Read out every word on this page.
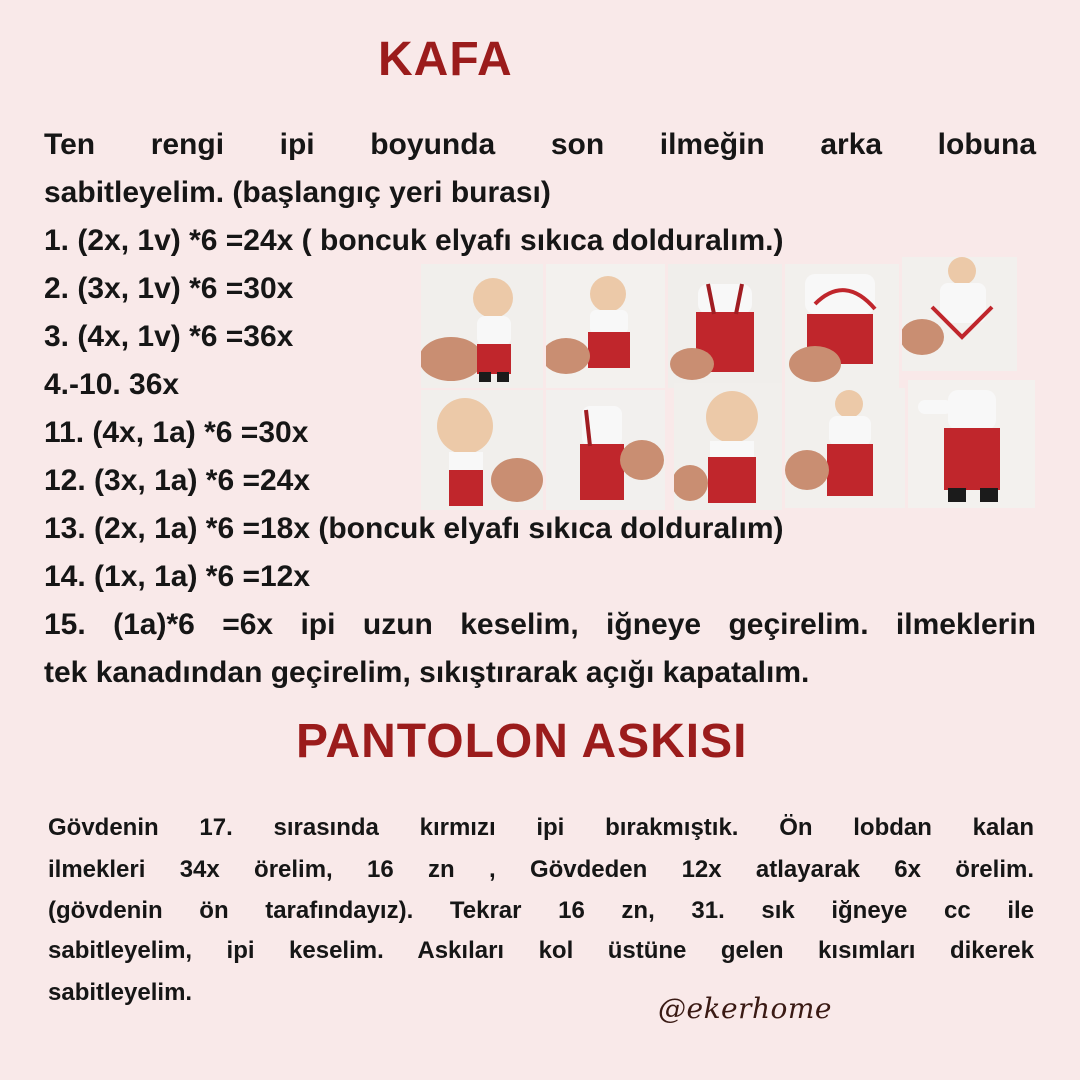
KAFA

Ten rengi ipi boyunda son ilmeğin arka lobuna

sabitleyelim. (başlangıç yeri burası)

1. (2x, 1v) *6 =24x ( boncuk elyafı sıkıca dolduralım.)

2. (3x, 1v) *6 =30x

3. (4x, 1v) *6 =36x

4.-10. 36x

11. (4x, 1a) *6 =30x

12. (3x, 1a) *6 =24x

13. (2x, 1a) *6 =18x (boncuk elyafı sıkıca dolduralım)

14. (1x, 1a) *6 =12x

15. (1a)*6 =6x ipi uzun keselim, iğneye geçirelim. ilmeklerin

tek kanadından geçirelim, sıkıştırarak açığı kapatalım.

PANTOLON ASKISI

Gövdenin 17. sırasında kırmızı ipi bırakmıştık. Ön lobdan kalan

ilmekleri 34x örelim, 16 zn , Gövdeden 12x atlayarak 6x örelim.

(gövdenin ön tarafındayız). Tekrar 16 zn, 31. sık iğneye cc ile

sabitleyelim, ipi keselim. Askıları kol üstüne gelen kısımları dikerek

sabitleyelim.	@ekerhome
